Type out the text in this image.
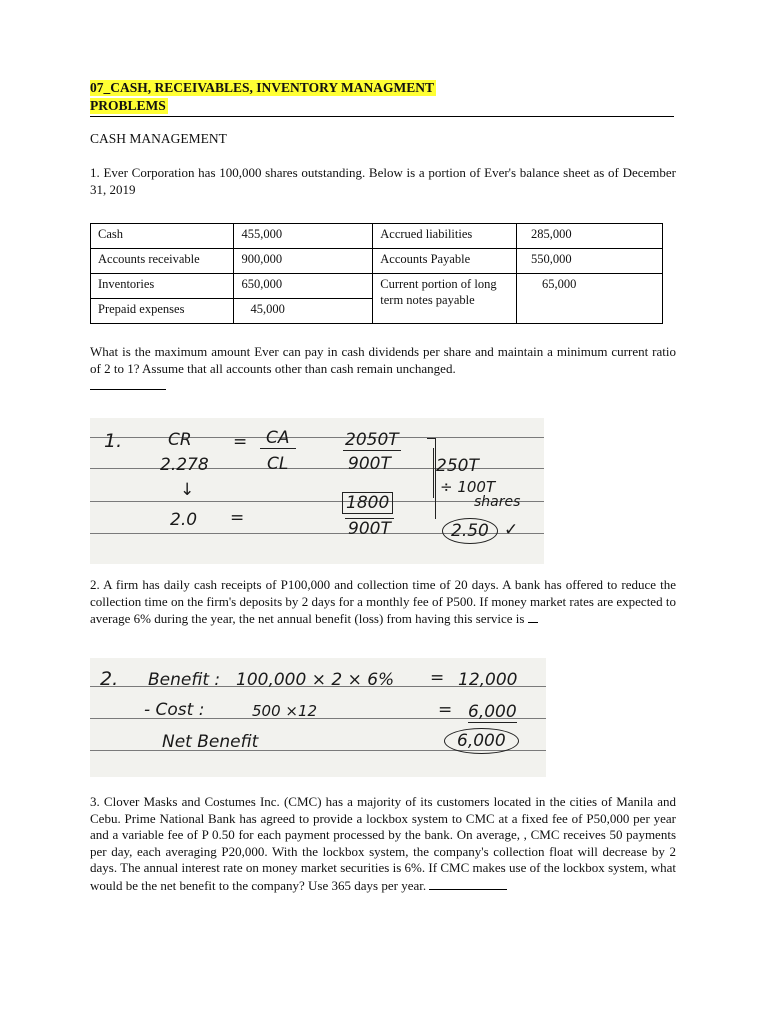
07_CASH, RECEIVABLES, INVENTORY MANAGMENT
PROBLEMS
CASH MANAGEMENT
1. Ever Corporation has 100,000 shares outstanding. Below is a portion of Ever's balance sheet as of December 31, 2019
Cash	455,000	Accrued liabilities	285,000
Accounts receivable	900,000	Accounts Payable	550,000
Inventories	650,000	Current portion of long term notes payable	65,000
Prepaid expenses	45,000		
What is the maximum amount Ever can pay in cash dividends per share and maintain a minimum current ratio of 2 to 1? Assume that all accounts other than cash remain unchanged.

1.	CR =	CA
CL
2050T
900T
2.278
↓
2.0 =
1800
900T
250T
÷ 100T
shares
2.50 ✓
2. A firm has daily cash receipts of P100,000 and collection time of 20 days. A bank has offered to reduce the collection time on the firm's deposits by 2 days for a monthly fee of P500. If money market rates are expected to average 6% during the year, the net annual benefit (loss) from having this service is
2. Benefit : 100,000 × 2 × 6% = 12,000
- Cost :	500 ×12	= 6,000
Net Benefit	6,000
3. Clover Masks and Costumes Inc. (CMC) has a majority of its customers located in the cities of Manila and Cebu. Prime National Bank has agreed to provide a lockbox system to CMC at a fixed fee of P50,000 per year and a variable fee of P 0.50 for each payment processed by the bank. On average, , CMC receives 50 payments per day, each averaging P20,000. With the lockbox system, the company's collection float will decrease by 2 days. The annual interest rate on money market securities is 6%. If CMC makes use of the lockbox system, what would be the net benefit to the company? Use 365 days per year.
